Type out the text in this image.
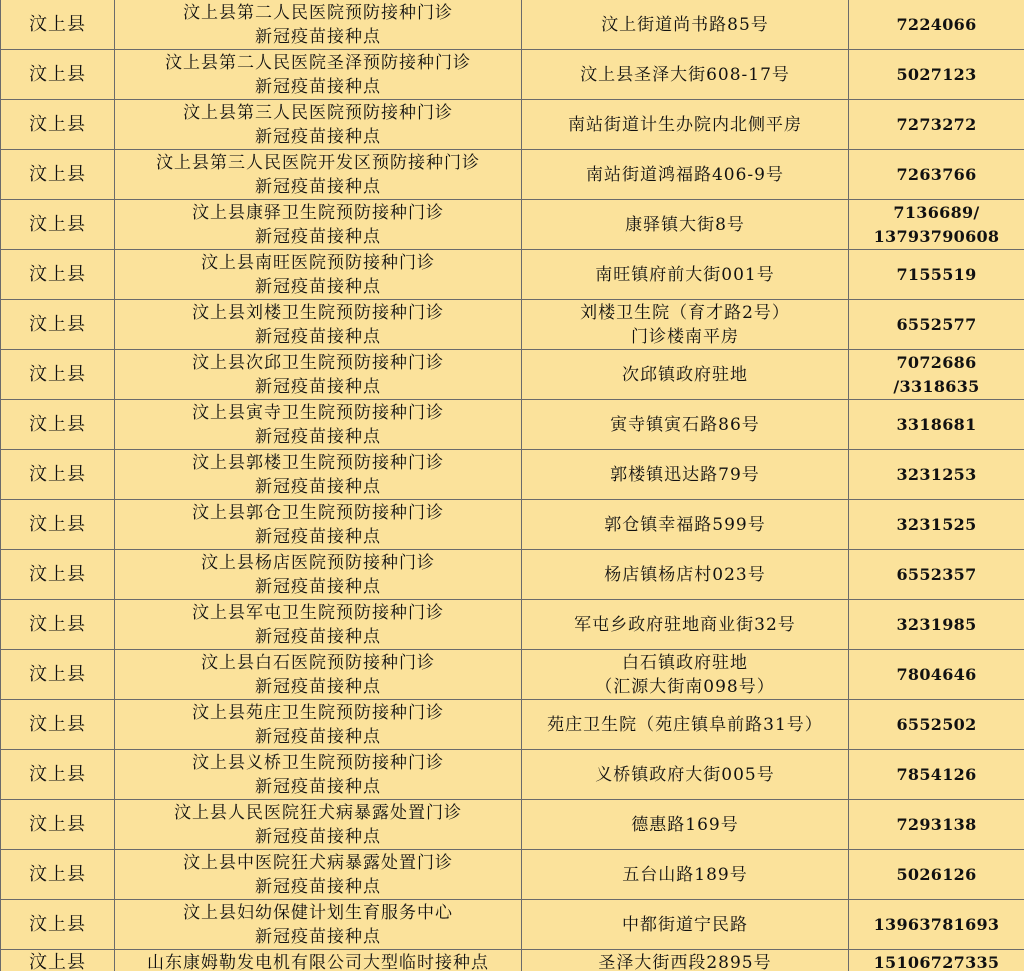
汶上县	汶上县第二人民医院预防接种门诊
新冠疫苗接种点	汶上街道尚书路85号	7224066

汶上县	汶上县第二人民医院圣泽预防接种门诊
新冠疫苗接种点	汶上县圣泽大街608-17号	5027123

汶上县	汶上县第三人民医院预防接种门诊
新冠疫苗接种点	南站街道计生办院内北侧平房	7273272

汶上县	汶上县第三人民医院开发区预防接种门诊
新冠疫苗接种点	南站街道鸿福路406-9号	7263766

汶上县	汶上县康驿卫生院预防接种门诊
新冠疫苗接种点	康驿镇大街8号	7136689/
13793790608

汶上县	汶上县南旺医院预防接种门诊
新冠疫苗接种点	南旺镇府前大街001号	7155519

汶上县	汶上县刘楼卫生院预防接种门诊
新冠疫苗接种点	刘楼卫生院（育才路2号）
门诊楼南平房	6552577

汶上县	汶上县次邱卫生院预防接种门诊
新冠疫苗接种点	次邱镇政府驻地	7072686
/3318635

汶上县	汶上县寅寺卫生院预防接种门诊
新冠疫苗接种点	寅寺镇寅石路86号	3318681

汶上县	汶上县郭楼卫生院预防接种门诊
新冠疫苗接种点	郭楼镇迅达路79号	3231253

汶上县	汶上县郭仓卫生院预防接种门诊
新冠疫苗接种点	郭仓镇幸福路599号	3231525

汶上县	汶上县杨店医院预防接种门诊
新冠疫苗接种点	杨店镇杨店村023号	6552357

汶上县	汶上县军屯卫生院预防接种门诊
新冠疫苗接种点	军屯乡政府驻地商业街32号	3231985

汶上县	汶上县白石医院预防接种门诊
新冠疫苗接种点	白石镇政府驻地
（汇源大街南098号）	7804646

汶上县	汶上县苑庄卫生院预防接种门诊
新冠疫苗接种点	苑庄卫生院（苑庄镇阜前路31号）	6552502

汶上县	汶上县义桥卫生院预防接种门诊
新冠疫苗接种点	义桥镇政府大街005号	7854126

汶上县	汶上县人民医院狂犬病暴露处置门诊
新冠疫苗接种点	德惠路169号	7293138

汶上县	汶上县中医院狂犬病暴露处置门诊
新冠疫苗接种点	五台山路189号	5026126

汶上县	汶上县妇幼保健计划生育服务中心
新冠疫苗接种点	中都街道宁民路	13963781693

汶上县	山东康姆勒发电机有限公司大型临时接种点	圣泽大街西段2895号	15106727335
